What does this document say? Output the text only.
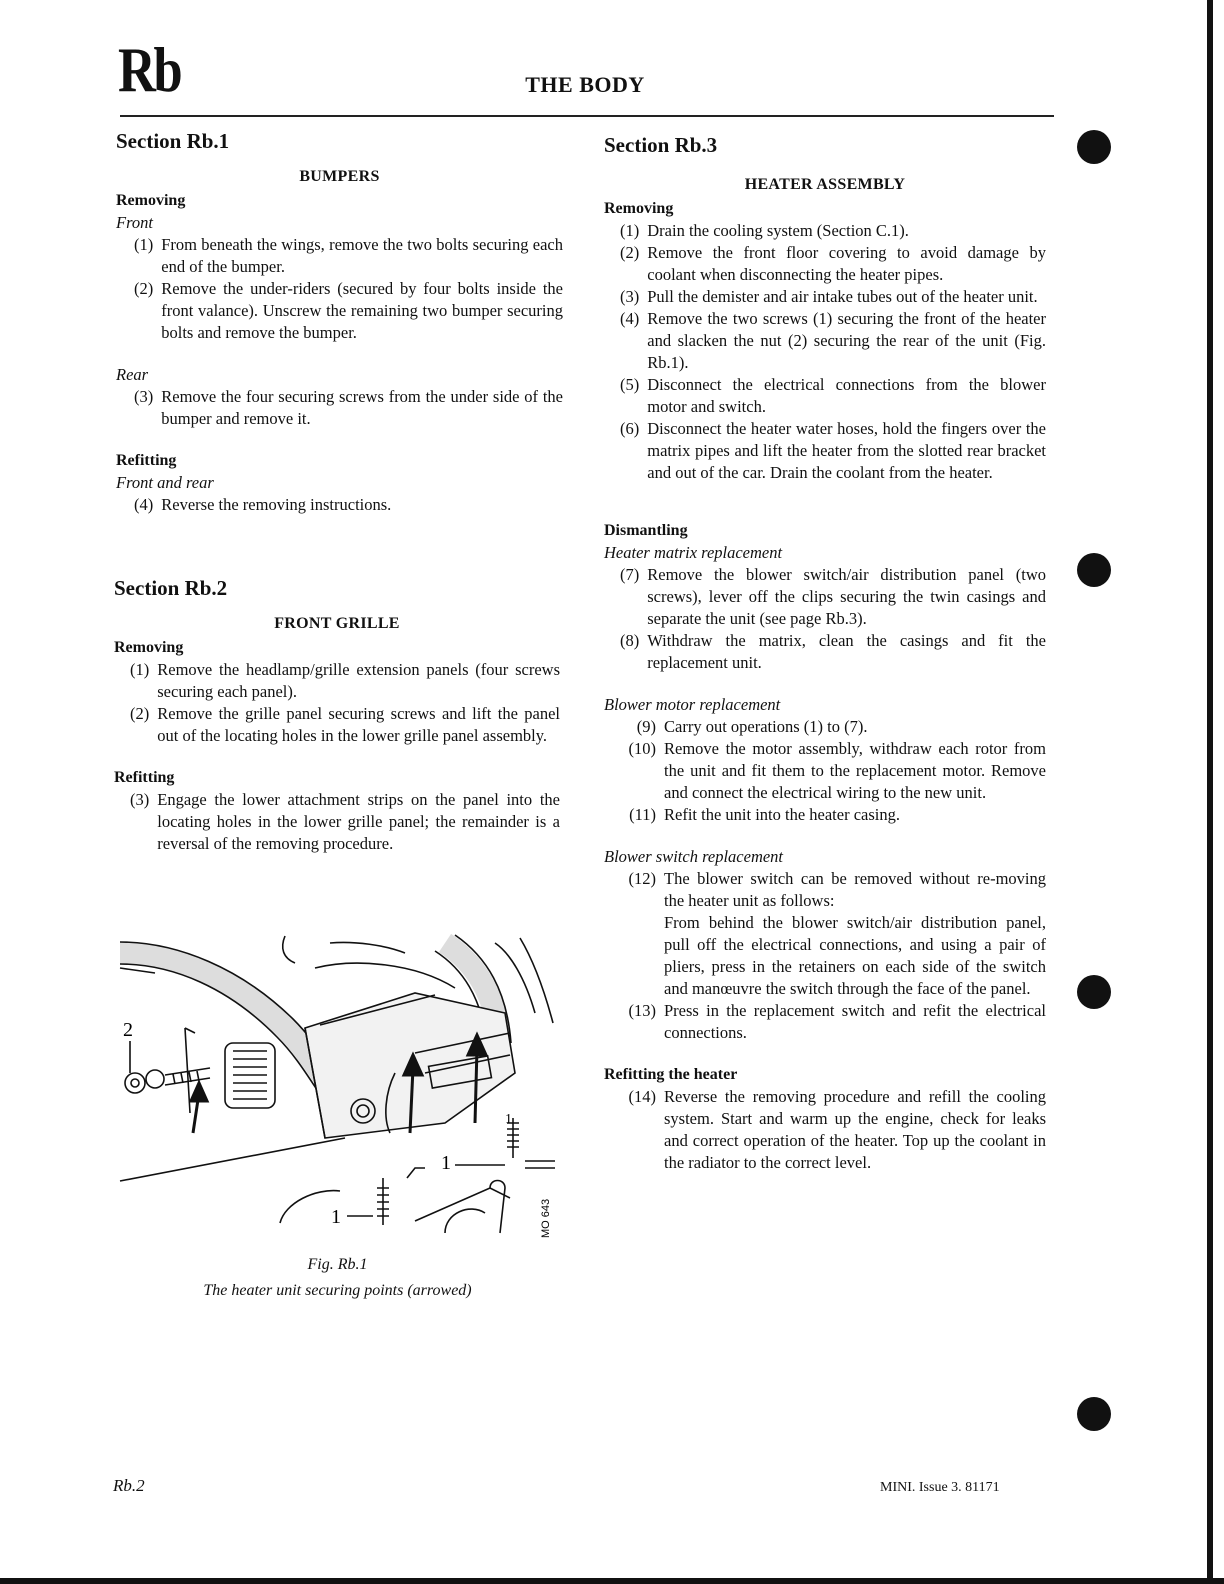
Rb	THE BODY
Section Rb.1
BUMPERS
Removing
Front
(1) From beneath the wings, remove the two bolts securing each end of the bumper.
(2) Remove the under-riders (secured by four bolts inside the front valance). Unscrew the remaining two bumper securing bolts and remove the bumper.
Rear
(3) Remove the four securing screws from the under side of the bumper and remove it.
Refitting
Front and rear
(4) Reverse the removing instructions.
Section Rb.2
FRONT GRILLE
Removing
(1) Remove the headlamp/grille extension panels (four screws securing each panel).
(2) Remove the grille panel securing screws and lift the panel out of the locating holes in the lower grille panel assembly.
Refitting
(3) Engage the lower attachment strips on the panel into the locating holes in the lower grille panel; the remainder is a reversal of the removing procedure.
2
1
1
1
MO 643
Fig. Rb.1
The heater unit securing points (arrowed)
Section Rb.3
HEATER ASSEMBLY
Removing
(1) Drain the cooling system (Section C.1).
(2) Remove the front floor covering to avoid damage by coolant when disconnecting the heater pipes.
(3) Pull the demister and air intake tubes out of the heater unit.
(4) Remove the two screws (1) securing the front of the heater and slacken the nut (2) securing the rear of the unit (Fig. Rb.1).
(5) Disconnect the electrical connections from the blower motor and switch.
(6) Disconnect the heater water hoses, hold the fingers over the matrix pipes and lift the heater from the slotted rear bracket and out of the car. Drain the coolant from the heater.
Dismantling
Heater matrix replacement
(7) Remove the blower switch/air distribution panel (two screws), lever off the clips securing the twin casings and separate the unit (see page Rb.3).
(8) Withdraw the matrix, clean the casings and fit the replacement unit.
Blower motor replacement
(9) Carry out operations (1) to (7).
(10) Remove the motor assembly, withdraw each rotor from the unit and fit them to the replacement motor. Remove and connect the electrical wiring to the new unit.
(11) Refit the unit into the heater casing.
Blower switch replacement
(12) The blower switch can be removed without re-moving the heater unit as follows:
From behind the blower switch/air distribution panel, pull off the electrical connections, and using a pair of pliers, press in the retainers on each side of the switch and manœuvre the switch through the face of the panel.
(13) Press in the replacement switch and refit the electrical connections.
Refitting the heater
(14) Reverse the removing procedure and refill the cooling system. Start and warm up the engine, check for leaks and correct operation of the heater. Top up the coolant in the radiator to the correct level.
Rb.2	MINI. Issue 3. 81171
